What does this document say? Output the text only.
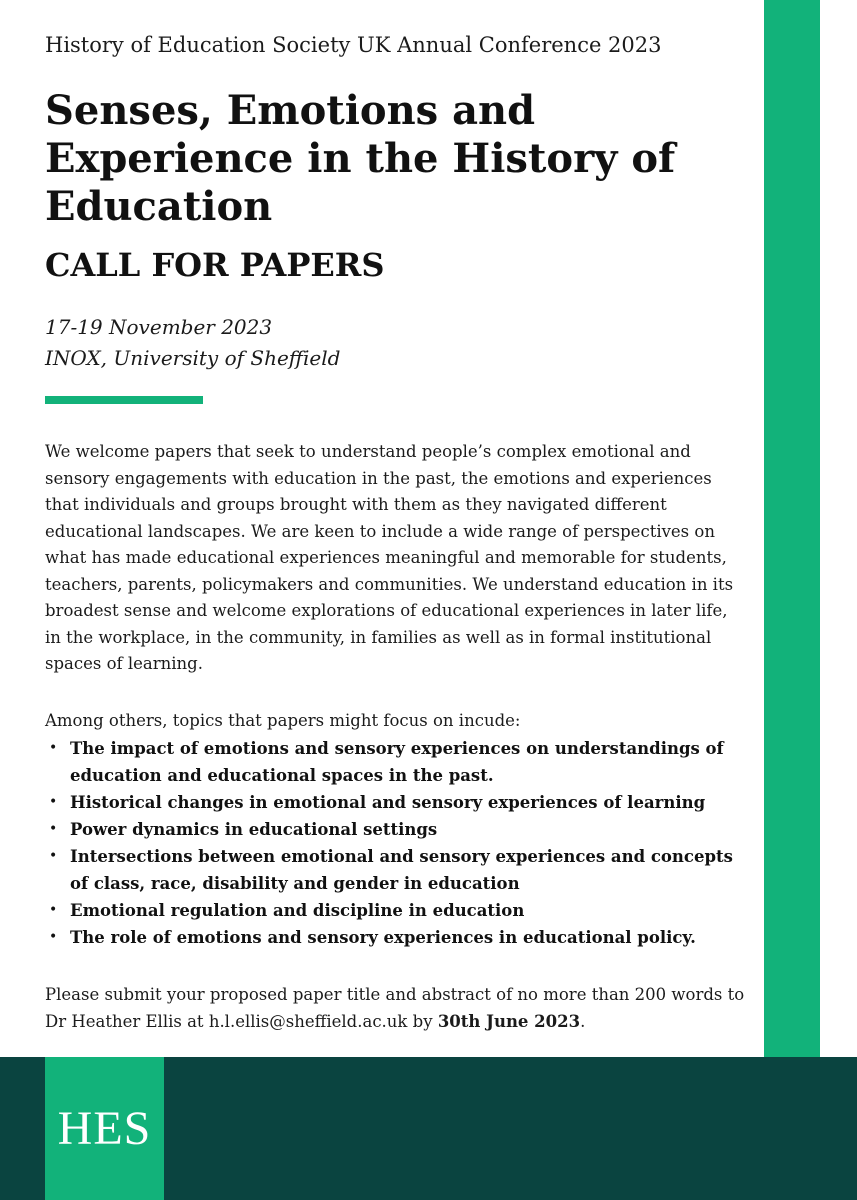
History of Education Society UK Annual Conference 2023
Senses, Emotions and Experience in the History of Education
CALL FOR PAPERS
17-19 November 2023
INOX, University of Sheffield

We welcome papers that seek to understand people’s complex emotional and sensory engagements with education in the past, the emotions and experiences that individuals and groups brought with them as they navigated different educational landscapes. We are keen to include a wide range of perspectives on what has made educational experiences meaningful and memorable for students, teachers, parents, policymakers and communities. We understand education in its broadest sense and welcome explorations of educational experiences in later life, in the workplace, in the community, in families as well as in formal institutional spaces of learning.

Among others, topics that papers might focus on incude:
• The impact of emotions and sensory experiences on understandings of education and educational spaces in the past.
• Historical changes in emotional and sensory experiences of learning
• Power dynamics in educational settings
• Intersections between emotional and sensory experiences and concepts of class, race, disability and gender in education
• Emotional regulation and discipline in education
• The role of emotions and sensory experiences in educational policy.

Please submit your proposed paper title and abstract of no more than 200 words to Dr Heather Ellis at h.l.ellis@sheffield.ac.uk by 30th June 2023.

HES
